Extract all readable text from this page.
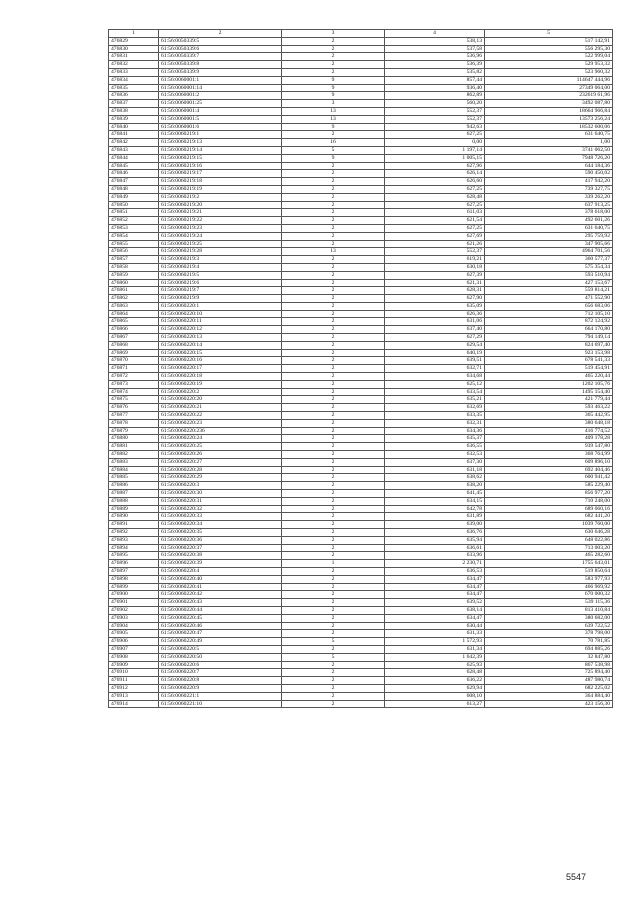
1	2	3	4	5
476829	61:56:0050339:5	2	538,13	517 142,91
476830	61:56:0050339:6	2	537,58	556 295,30
476831	61:56:0050339:7	2	536,96	522 999,04
476832	61:56:0050339:8	2	536,39	529 953,32
476833	61:56:0050339:9	2	535,82	523 960,32
476834	61:56:0060001:1	9	857,44	114647 444,96
476835	61:56:0060001:14	9	936,40	27349 064,00
476836	61:56:0060001:2	9	862,89	232619 61,96
476837	61:56:0060001:25	3	560,20	3492 087,80
476838	61:56:0060001:4	13	552,37	18664 966,84
476839	61:56:0060001:5	13	552,37	13573 256,24
476840	61:56:0060001:6	9	942,63	18532 600,06
476841	61:56:0060219:1	2	627,25	631 640,75
476842	61:56:0060219:13	16	0,00	1,00
476843	61:56:0060219:14	5	1 197,14	3741 062,50
476844	61:56:0060219:15	9	1 005,15	7948 726,20
476845	61:56:0060219:16	2	627,96	644 184,36
476846	61:56:0060219:17	2	626,14	590 450,02
476847	61:56:0060219:18	2	626,60	417 942,20
476848	61:56:0060219:19	2	627,25	739 327,75
476849	61:56:0060219:2	2	628,48	339 262,20
476850	61:56:0060219:20	2	627,25	637 913,25
476851	61:56:0060219:21	2	611,03	378 618,00
476852	61:56:0060219:22	2	621,54	492 601,26
476853	61:56:0060219:23	2	627,25	631 640,75
476854	61:56:0060219:24	2	627,69	295 759,92
476855	61:56:0060219:25	2	621,26	347 905,66
476856	61:56:0060219:28	13	552,37	4964 701,56
476857	61:56:0060219:3	2	619,21	360 577,37
476858	61:56:0060219:4	2	630,18	575 354,34
476859	61:56:0060219:5	2	627,39	593 510,94
476860	61:56:0060219:6	2	621,31	427 153,67
476861	61:56:0060219:7	2	628,31	559 814,21
476862	61:56:0060219:9	2	627,90	471 552,90
476863	61:56:0060220:1	2	635,09	656 683,06
476864	61:56:0060220:10	2	626,36	712 105,10
476865	61:56:0060220:11	2	631,06	872 124,92
476866	61:56:0060220:12	2	637,40	664 170,80
476867	61:56:0060220:13	2	627,29	794 149,14
476868	61:56:0060220:14	2	629,54	824 697,40
476869	61:56:0060220:15	2	640,19	923 153,98
476870	61:56:0060220:16	2	639,51	678 541,33
476871	61:56:0060220:17	2	632,71	519 454,91
476872	61:56:0060220:18	2	634,68	465 220,44
476873	61:56:0060220:19	2	625,12	1202 105,76
476874	61:56:0060220:2	2	633,54	1495 154,40
476875	61:56:0060220:20	2	635,21	421 779,44
476876	61:56:0060220:21	2	632,69	593 463,22
476877	61:56:0060220:22	2	633,35	365 442,95
476878	61:56:0060220:23	2	632,31	380 648,18
476879	61:56:0060220:236	2	634,36	416 774,52
476880	61:56:0060220:24	2	635,37	409 178,28
476881	61:56:0060220:25	2	636,55	939 547,80
476882	61:56:0060220:26	2	632,53	368 764,99
476883	61:56:0060220:27	2	637,30	609 896,10
476884	61:56:0060220:28	2	631,18	692 404,46
476885	61:56:0060220:29	2	638,62	600 941,42
476886	61:56:0060220:3	2	638,20	585 229,40
476887	61:56:0060220:30	2	641,45	856 977,20
476888	61:56:0060220:31	2	634,15	710 248,00
476889	61:56:0060220:32	2	642,78	689 060,16
476890	61:56:0060220:33	2	631,89	682 441,20
476891	61:56:0060220:34	2	639,00	1039 760,00
476892	61:56:0060220:35	2	636,76	630 646,28
476893	61:56:0060220:36	2	635,94	648 022,86
476894	61:56:0060220:37	2	636,61	713 003,20
476895	61:56:0060220:38	2	633,96	465 282,60
476896	61:56:0060220:39	1	2 230,71	1755 643,01
476897	61:56:0060220:4	2	636,53	519 850,64
476898	61:56:0060220:40	2	634,47	583 977,93
476899	61:56:0060220:41	2	634,47	466 969,92
476900	61:56:0060220:42	2	634,47	670 000,32
476901	61:56:0060220:43	2	639,52	539 115,36
476902	61:56:0060220:44	2	638,14	813 410,84
476903	61:56:0060220:45	2	634,47	380 682,00
476904	61:56:0060220:46	2	630,44	639 722,52
476905	61:56:0060220:47	2	631,33	378 798,00
476906	61:56:0060220:49	5	1 572,93	70 781,85
476907	61:56:0060220:5	2	631,34	694 885,26
476908	61:56:0060220:50	5	1 642,39	32 847,80
476909	61:56:0060220:6	2	625,93	867 538,98
476910	61:56:0060220:7	2	628,48	725 894,40
476911	61:56:0060220:8	2	636,22	487 980,74
476912	61:56:0060220:9	2	629,94	682 225,02
476913	61:56:0060221:1	2	608,10	364 884,40
476914	61:56:0060221:10	2	613,27	423 156,30
5547
